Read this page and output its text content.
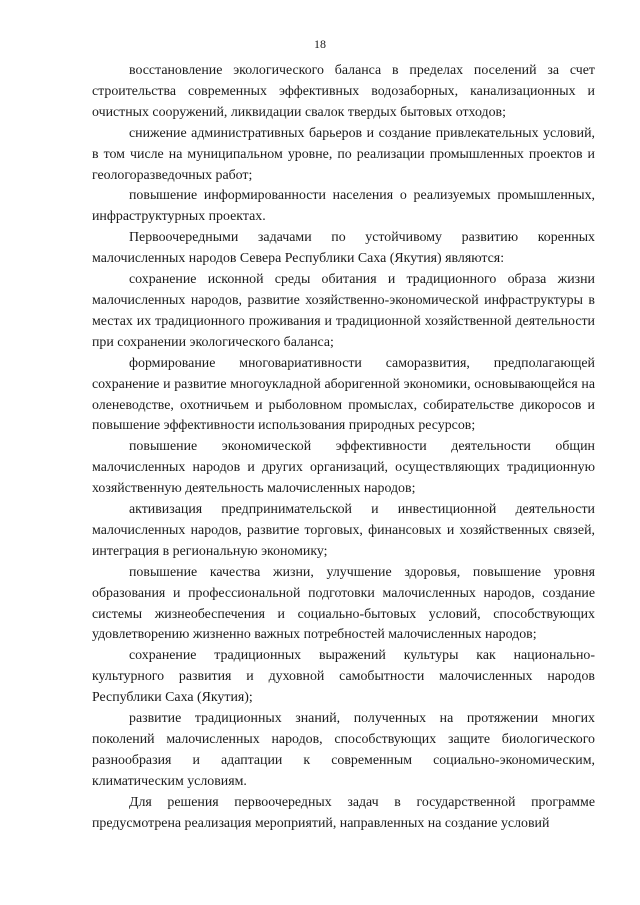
18

восстановление экологического баланса в пределах поселений за счет строительства современных эффективных водозаборных, канализационных и очистных сооружений, ликвидации свалок твердых бытовых отходов;

снижение административных барьеров и создание привлекательных условий, в том числе на муниципальном уровне, по реализации промышленных проектов и геологоразведочных работ;

повышение информированности населения о реализуемых промышленных, инфраструктурных проектах.

Первоочередными задачами по устойчивому развитию коренных малочисленных народов Севера Республики Саха (Якутия) являются:

сохранение исконной среды обитания и традиционного образа жизни малочисленных народов, развитие хозяйственно-экономической инфраструктуры в местах их традиционного проживания и традиционной хозяйственной деятельности при сохранении экологического баланса;

формирование многовариативности саморазвития, предполагающей сохранение и развитие многоукладной аборигенной экономики, основывающейся на оленеводстве, охотничьем и рыболовном промыслах, собирательстве дикоросов и повышение эффективности использования природных ресурсов;

повышение экономической эффективности деятельности общин малочисленных народов и других организаций, осуществляющих традиционную хозяйственную деятельность малочисленных народов;

активизация предпринимательской и инвестиционной деятельности малочисленных народов, развитие торговых, финансовых и хозяйственных связей, интеграция в региональную экономику;

повышение качества жизни, улучшение здоровья, повышение уровня образования и профессиональной подготовки малочисленных народов, создание системы жизнеобеспечения и социально-бытовых условий, способствующих удовлетворению жизненно важных потребностей малочисленных народов;

сохранение традиционных выражений культуры как национально-культурного развития и духовной самобытности малочисленных народов Республики Саха (Якутия);

развитие традиционных знаний, полученных на протяжении многих поколений малочисленных народов, способствующих защите биологического разнообразия и адаптации к современным социально-экономическим, климатическим условиям.

Для решения первоочередных задач в государственной программе предусмотрена реализация мероприятий, направленных на создание условий
